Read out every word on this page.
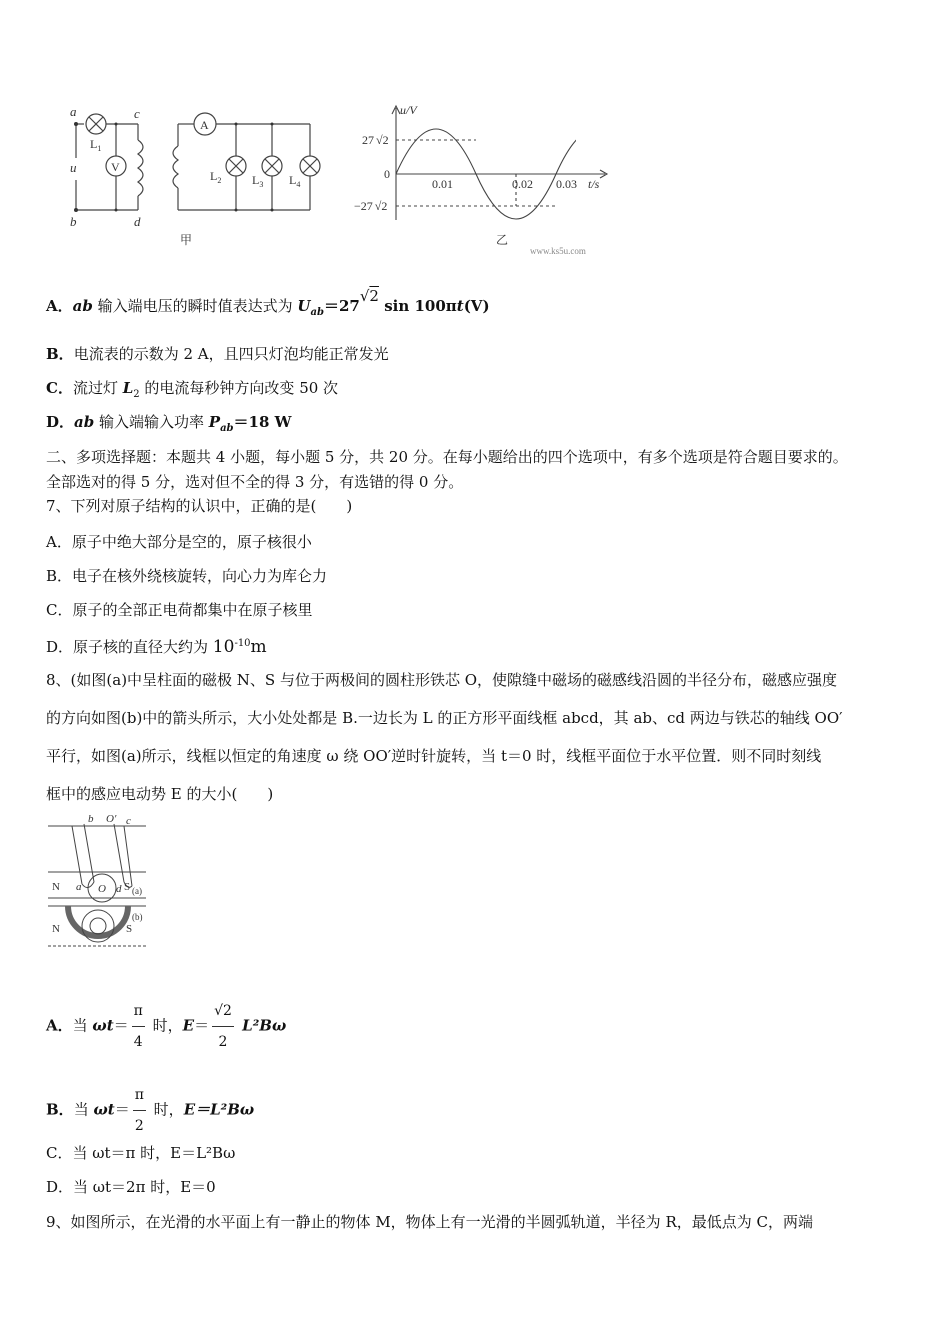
a
b
c
d
u
$L_1$
V
A
$L_2$	$L_3$ $L_4$
甲
u/V
t/s
27 √2
−27 √2
0
0.01	0.02 0.03
乙
www.ks5u.com
A．ab 输入端电压的瞬时值表达式为 $U_{ab}=27√2$ sin 100πt(V)
B．电流表的示数为 2 A，且四只灯泡均能正常发光
C．流过灯 $L_2$ 的电流每秒钟方向改变 50 次
D．ab 输入端输入功率 $P_{ab}=18$ W
二、多项选择题：本题共 4 小题，每小题 5 分，共 20 分。在每小题给出的四个选项中，有多个选项是符合题目要求的。
全部选对的得 5 分，选对但不全的得 3 分，有选错的得 0 分。
7、下列对原子结构的认识中，正确的是(　　)
A．原子中绝大部分是空的，原子核很小
B．电子在核外绕核旋转，向心力为库仑力
C．原子的全部正电荷都集中在原子核里
D．原子核的直径大约为 $10^{-10}m$
8、(如图(a)中呈柱面的磁极 N、S 与位于两极间的圆柱形铁芯 O，使隙缝中磁场的磁感线沿圆的半径分布，磁感应强度
的方向如图(b)中的箭头所示，大小处处都是 B.一边长为 L 的正方形平面线框 abcd，其 ab、cd 两边与铁芯的轴线 OO′
平行，如图(a)所示，线框以恒定的角速度 ω 绕 OO′逆时针旋转，当 t＝0 时，线框平面位于水平位置．则不同时刻线
框中的感应电动势 E 的大小(　　)
b O′ c
N	S (a)
a O d
N	S
(b)
A．当 $\omega t= \frac{\pi}{4}$ 时，$E= \frac{√2}{2} L^2B\omega$
B．当 $\omega t= \frac{\pi}{2}$ 时，E＝L²Bω
C．当 ωt＝π 时，E＝L²Bω
D．当 ωt＝2π 时，E＝0
9、如图所示，在光滑的水平面上有一静止的物体 M，物体上有一光滑的半圆弧轨道，半径为 R，最低点为 C，两端
